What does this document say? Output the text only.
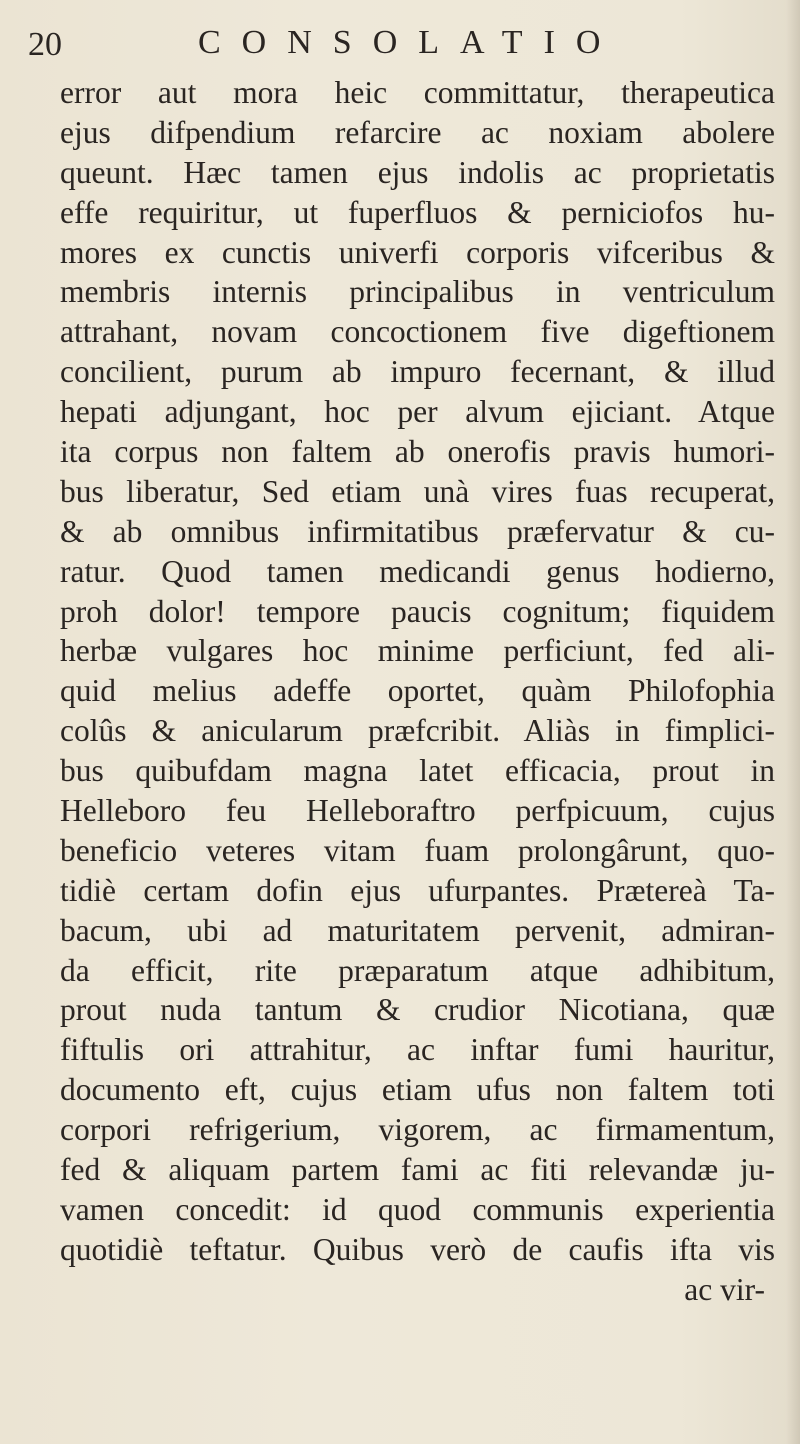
20	CONSOLATIO
error aut mora heic committatur, therapeutica
ejus difpendium refarcire ac noxiam abolere
queunt. Hæc tamen ejus indolis ac proprietatis
effe requiritur, ut fuperfluos & perniciofos hu-
mores ex cunctis univerfi corporis vifceribus &
membris internis principalibus in ventriculum
attrahant, novam concoctionem five digeftionem
concilient, purum ab impuro fecernant, & illud
hepati adjungant, hoc per alvum ejiciant. Atque
ita corpus non faltem ab onerofis pravis humori-
bus liberatur, Sed etiam unà vires fuas recuperat,
& ab omnibus infirmitatibus præfervatur & cu-
ratur. Quod tamen medicandi genus hodierno,
proh dolor! tempore paucis cognitum; fiquidem
herbæ vulgares hoc minime perficiunt, fed ali-
quid melius adeffe oportet, quàm Philofophia
colûs & anicularum præfcribit. Aliàs in fimplici-
bus quibufdam magna latet efficacia, prout in
Helleboro feu Helleboraftro perfpicuum, cujus
beneficio veteres vitam fuam prolongârunt, quo-
tidiè certam dofin ejus ufurpantes. Prætereà Ta-
bacum, ubi ad maturitatem pervenit, admiran-
da efficit, rite præparatum atque adhibitum,
prout nuda tantum & crudior Nicotiana, quæ
fiftulis ori attrahitur, ac inftar fumi hauritur,
documento eft, cujus etiam ufus non faltem toti
corpori refrigerium, vigorem, ac firmamentum,
fed & aliquam partem fami ac fiti relevandæ ju-
vamen concedit: id quod communis experientia
quotidiè teftatur. Quibus verò de caufis ifta vis
ac vir-
